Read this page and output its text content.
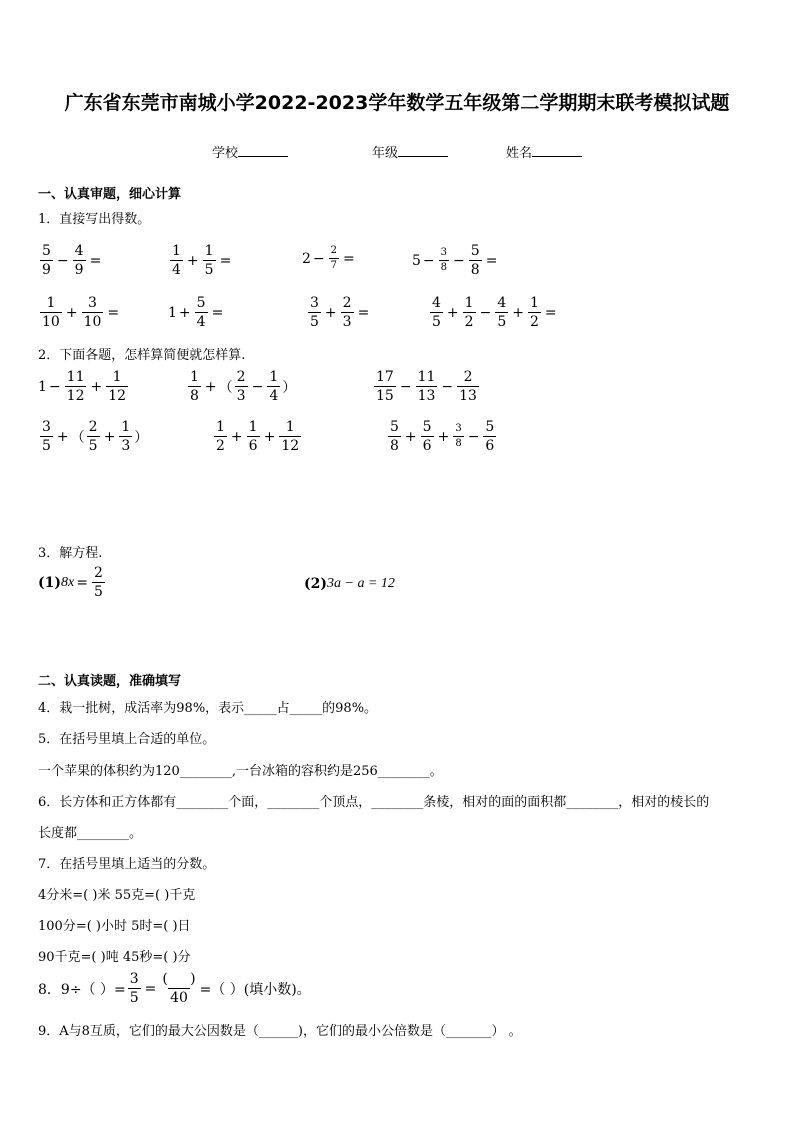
广东省东莞市南城小学2022-2023学年数学五年级第二学期期末联考模拟试题
学校	年级	姓名
一、认真审题，细心计算
1．直接写出得数。
$\frac{5}{9} - \frac{4}{9}$ =	$\frac{1}{4} + \frac{1}{5}$ =	$2 - \frac{2}{7}$ =	$5 - \frac{3}{8} - \frac{5}{8}$ =
$\frac{1}{10} + \frac{3}{10}$ =	$1 + \frac{5}{4}$ =	$\frac{3}{5} + \frac{2}{3}$ =	$\frac{4}{5} + \frac{1}{2} - \frac{4}{5} + \frac{1}{2}$ =
2．下面各题，怎样算简便就怎样算.
$1 - \frac{11}{12} + \frac{1}{12}$	$\frac{1}{8}$ + （ $\frac{2}{3} - \frac{1}{4}$ ）	$\frac{17}{15} - \frac{11}{13} - \frac{2}{13}$
$\frac{3}{5}$ + （ $\frac{2}{5} + \frac{1}{3}$ ）	$\frac{1}{2} + \frac{1}{6} + \frac{1}{12}$	$\frac{5}{8} + \frac{5}{6} + \frac{3}{8} - \frac{5}{6}$
3．解方程.
(1) $8x = \frac{2}{5}$	(2) 3a − a = 12
二、认真读题，准确填写
4．栽一批树，成活率为98%，表示_____占_____的98%。
5．在括号里填上合适的单位。
一个苹果的体积约为120________,一台冰箱的容积约是256________。
6．长方体和正方体都有________个面，________个顶点，________条棱，相对的面的面积都________，相对的棱长的
长度都________。
7．在括号里填上适当的分数。
4分米=( )米 55克=( )千克
100分=( )小时 5时=( )日
90千克=( )吨 45秒=( )分
8．9÷（ ）= $\frac{3}{5} = \frac{( )}{40}$ =（ ）(填小数)。
9．A与8互质，它们的最大公因数是（______)，它们的最小公倍数是（_______） 。
